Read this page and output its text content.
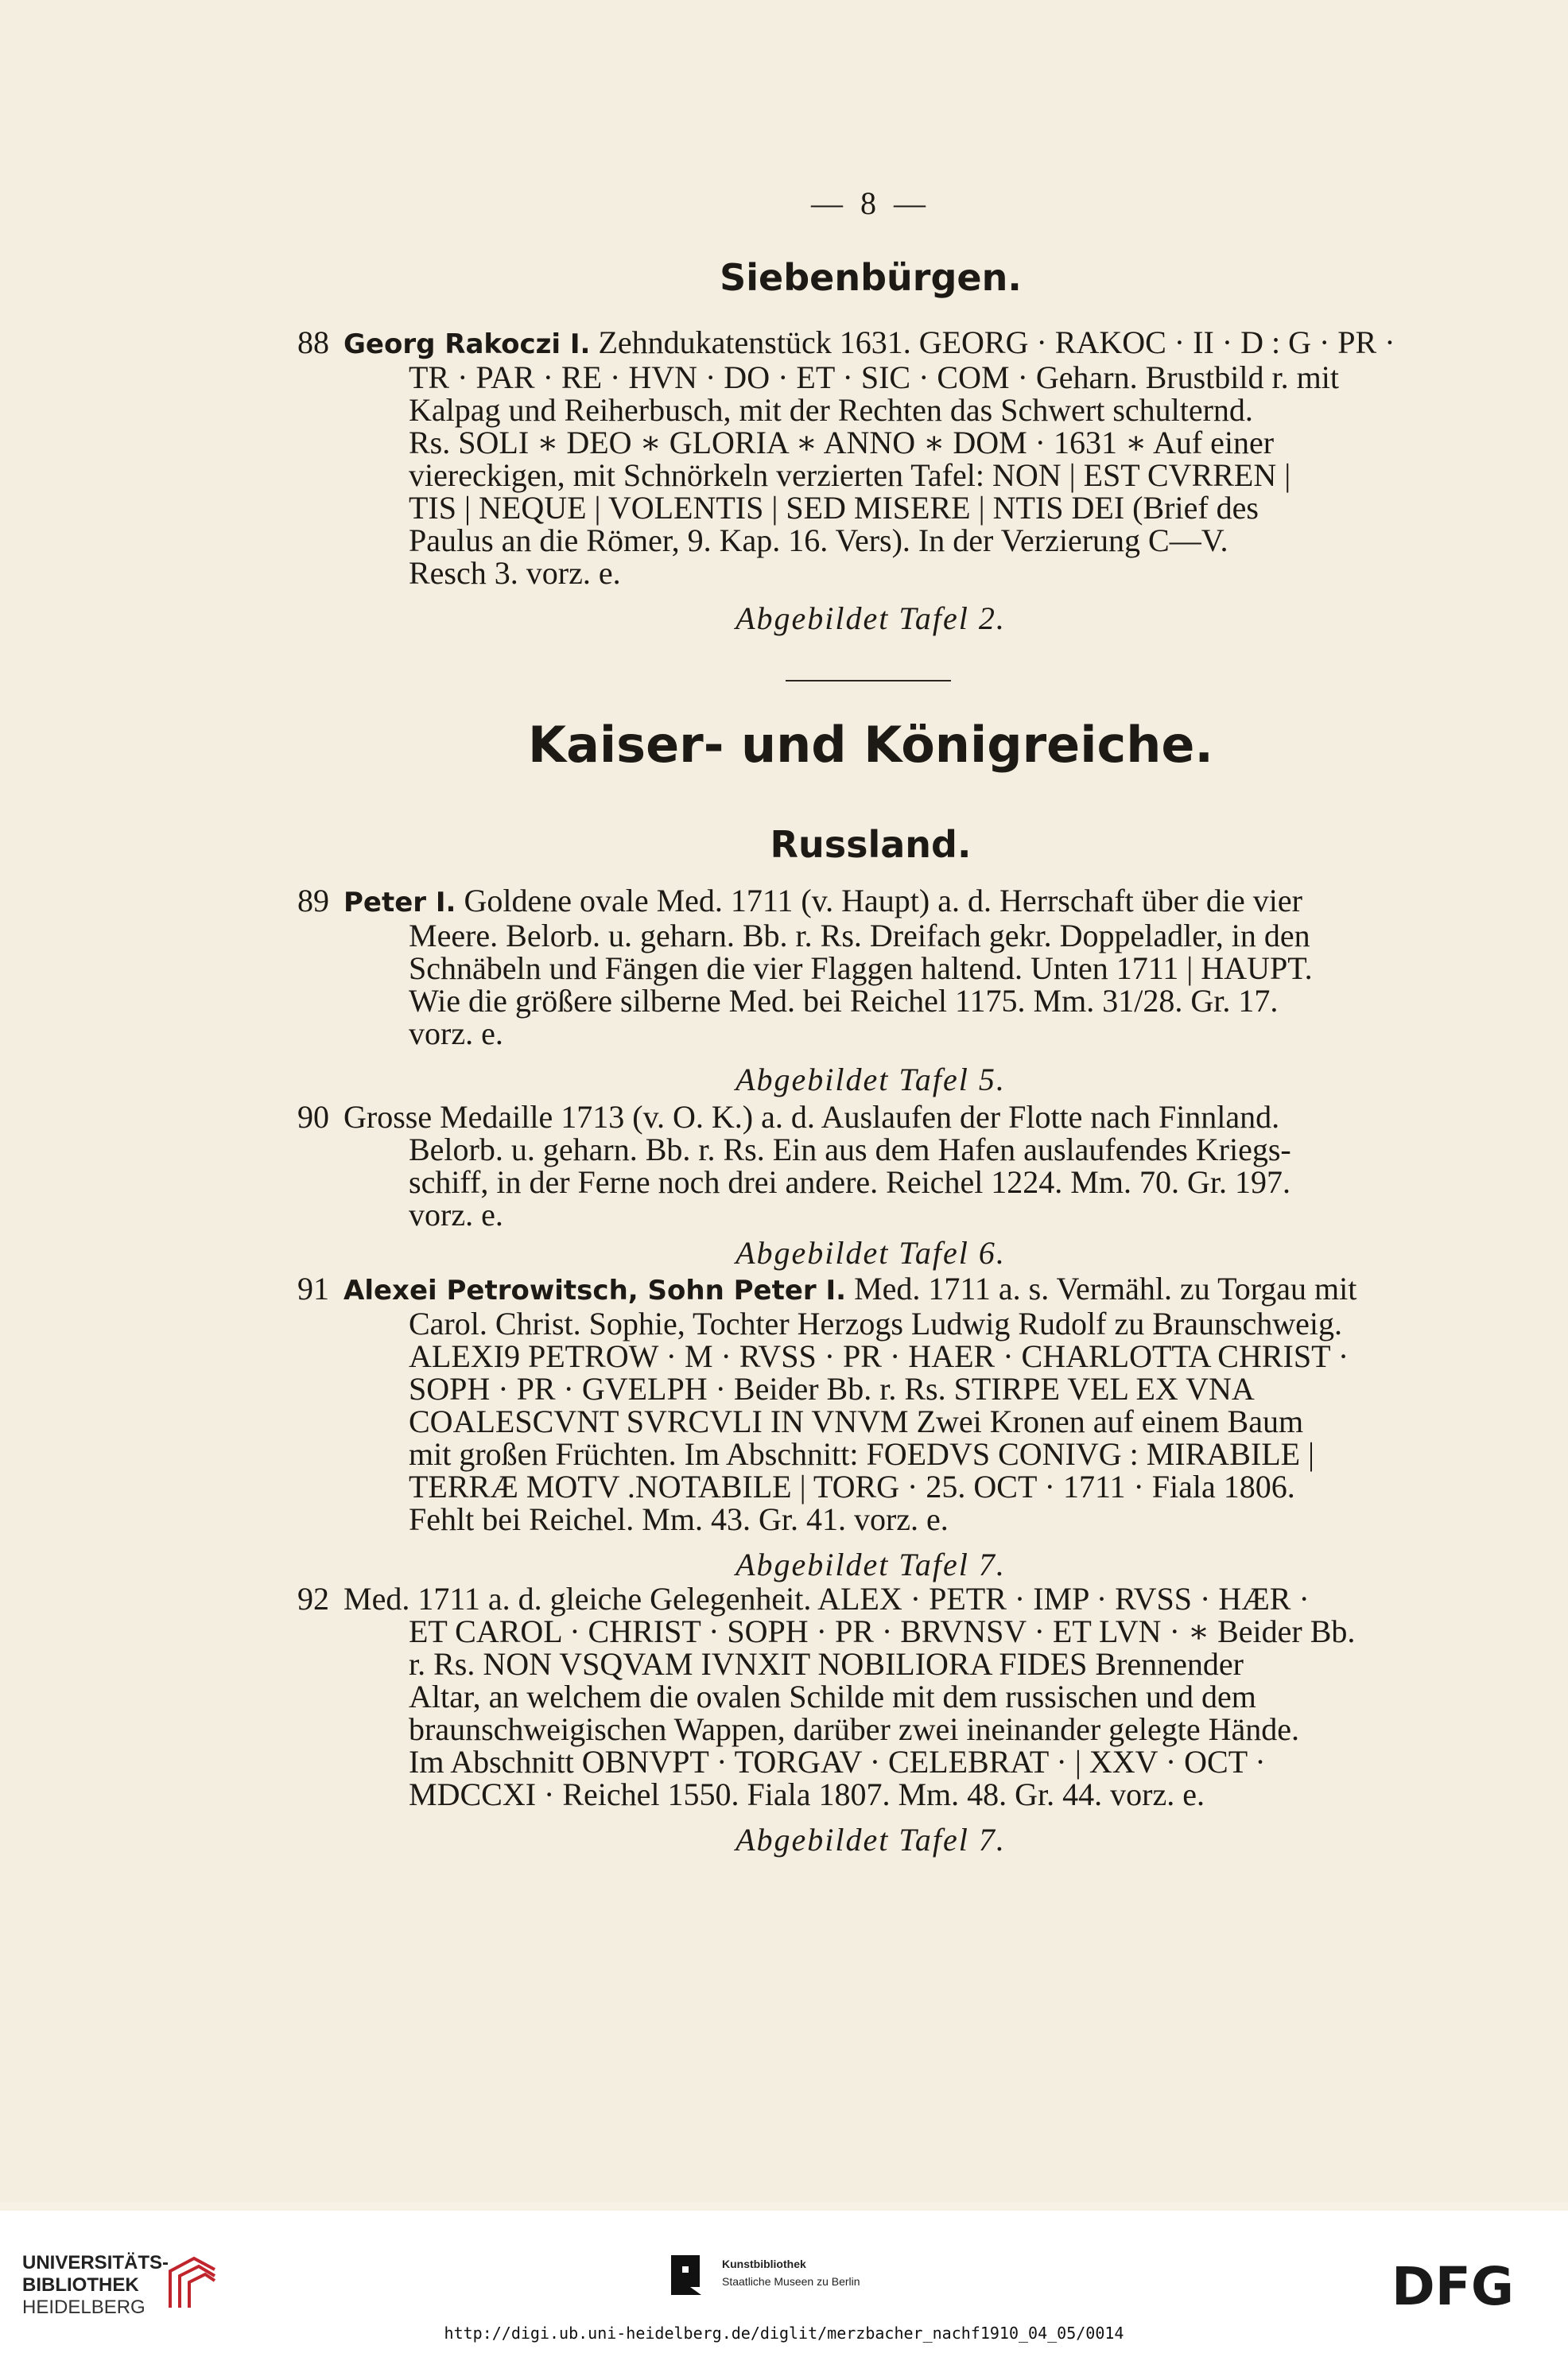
— 8 —
Siebenbürgen.
88 Georg Rakoczi I. Zehndukatenstück 1631. GEORG · RAKOC · II · D : G · PR ·
TR · PAR · RE · HVN · DO · ET · SIC · COM · Geharn. Brustbild r. mit
Kalpag und Reiherbusch, mit der Rechten das Schwert schulternd.
Rs. SOLI ∗ DEO ∗ GLORIA ∗ ANNO ∗ DOM · 1631 ∗ Auf einer
viereckigen, mit Schnörkeln verzierten Tafel: NON | EST CVRREN |
TIS | NEQUE | VOLENTIS | SED MISERE | NTIS DEI (Brief des
Paulus an die Römer, 9. Kap. 16. Vers). In der Verzierung C—V.
Resch 3. vorz. e.
Abgebildet Tafel 2.
Kaiser- und Königreiche.
Russland.
89 Peter I. Goldene ovale Med. 1711 (v. Haupt) a. d. Herrschaft über die vier
Meere. Belorb. u. geharn. Bb. r. Rs. Dreifach gekr. Doppeladler, in den
Schnäbeln und Fängen die vier Flaggen haltend. Unten 1711 | HAUPT.
Wie die größere silberne Med. bei Reichel 1175. Mm. 31/28. Gr. 17.
vorz. e.
Abgebildet Tafel 5.
90 Grosse Medaille 1713 (v. O. K.) a. d. Auslaufen der Flotte nach Finnland.
Belorb. u. geharn. Bb. r. Rs. Ein aus dem Hafen auslaufendes Kriegs-
schiff, in der Ferne noch drei andere. Reichel 1224. Mm. 70. Gr. 197.
vorz. e.
Abgebildet Tafel 6.
91 Alexei Petrowitsch, Sohn Peter I. Med. 1711 a. s. Vermähl. zu Torgau mit
Carol. Christ. Sophie, Tochter Herzogs Ludwig Rudolf zu Braunschweig.
ALEXI9 PETROW · M · RVSS · PR · HAER · CHARLOTTA CHRIST ·
SOPH · PR · GVELPH · Beider Bb. r. Rs. STIRPE VEL EX VNA
COALESCVNT SVRCVLI IN VNVM Zwei Kronen auf einem Baum
mit großen Früchten. Im Abschnitt: FOEDVS CONIVG : MIRABILE |
TERRÆ MOTV .NOTABILE | TORG · 25. OCT · 1711 · Fiala 1806.
Fehlt bei Reichel. Mm. 43. Gr. 41. vorz. e.
Abgebildet Tafel 7.
92 Med. 1711 a. d. gleiche Gelegenheit. ALEX · PETR · IMP · RVSS · HÆR ·
ET CAROL · CHRIST · SOPH · PR · BRVNSV · ET LVN · ∗ Beider Bb.
r. Rs. NON VSQVAM IVNXIT NOBILIORA FIDES Brennender
Altar, an welchem die ovalen Schilde mit dem russischen und dem
braunschweigischen Wappen, darüber zwei ineinander gelegte Hände.
Im Abschnitt OBNVPT · TORGAV · CELEBRAT · | XXV · OCT ·
MDCCXI · Reichel 1550. Fiala 1807. Mm. 48. Gr. 44. vorz. e.
Abgebildet Tafel 7.
UNIVERSITÄTS-
BIBLIOTHEK
HEIDELBERG
Kunstbibliothek
Staatliche Museen zu Berlin	DFG
http://digi.ub.uni-heidelberg.de/diglit/merzbacher_nachf1910_04_05/0014
